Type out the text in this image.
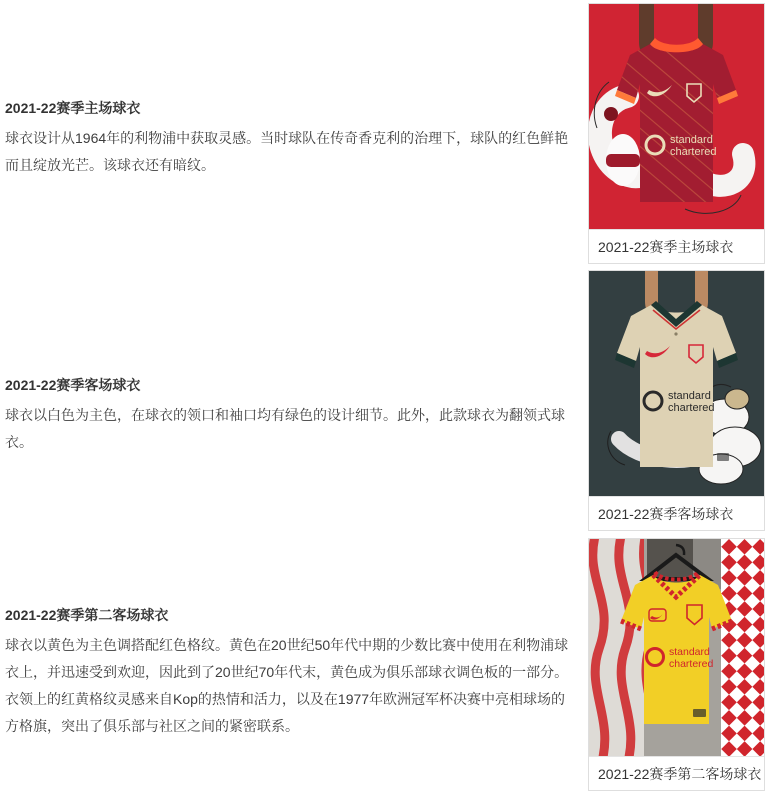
2021-22赛季主场球衣

球衣设计从1964年的利物浦中获取灵感。当时球队在传奇香克利的治理下，球队的红色鲜艳而且绽放光芒。该球衣还有暗纹。

2021-22赛季客场球衣

球衣以白色为主色，在球衣的领口和袖口均有绿色的设计细节。此外，此款球衣为翻领式球衣。

2021-22赛季第二客场球衣

球衣以黄色为主色调搭配红色格纹。黄色在20世纪50年代中期的少数比赛中使用在利物浦球衣上，并迅速受到欢迎，因此到了20世纪70年代末，黄色成为俱乐部球衣调色板的一部分。衣领上的红黄格纹灵感来自Kop的热情和活力，以及在1977年欧洲冠军杯决赛中亮相球场的方格旗，突出了俱乐部与社区之间的紧密联系。

standard
chartered
2021-22赛季主场球衣
standard
chartered
2021-22赛季客场球衣
standard
chartered
2021-22赛季第二客场球衣
